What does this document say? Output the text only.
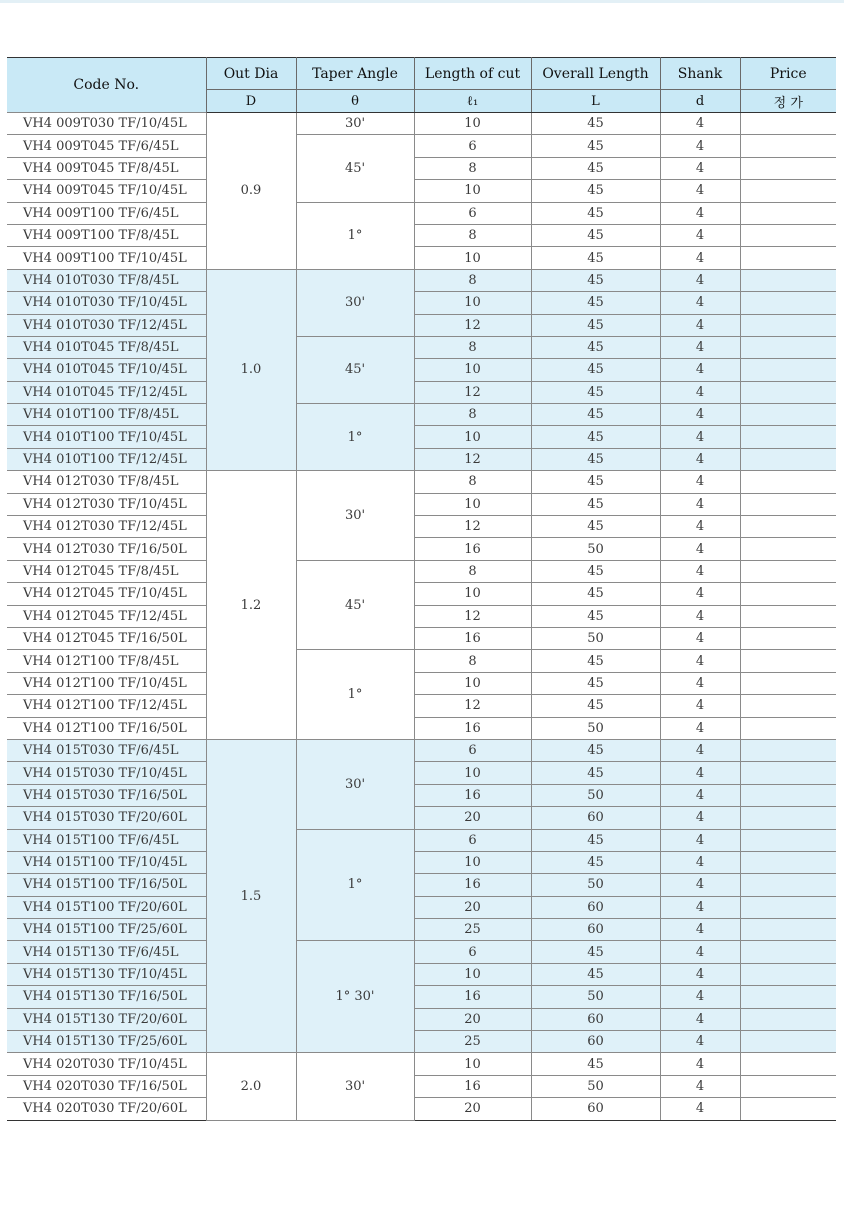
Code No.	Out Dia	Taper Angle	Length of cut	Overall Length	Shank	Price
	D	θ	ℓ₁	L	d	정 가
VH4 009T030 TF/10/45L	0.9	30'	10	45	4	
VH4 009T045 TF/6/45L		45'	6	45	4	
VH4 009T045 TF/8/45L			8	45	4	
VH4 009T045 TF/10/45L			10	45	4	
VH4 009T100 TF/6/45L		1°	6	45	4	
VH4 009T100 TF/8/45L			8	45	4	
VH4 009T100 TF/10/45L			10	45	4	
VH4 010T030 TF/8/45L	1.0	30'	8	45	4	
VH4 010T030 TF/10/45L			10	45	4	
VH4 010T030 TF/12/45L			12	45	4	
VH4 010T045 TF/8/45L		45'	8	45	4	
VH4 010T045 TF/10/45L			10	45	4	
VH4 010T045 TF/12/45L			12	45	4	
VH4 010T100 TF/8/45L		1°	8	45	4	
VH4 010T100 TF/10/45L			10	45	4	
VH4 010T100 TF/12/45L			12	45	4	
VH4 012T030 TF/8/45L	1.2	30'	8	45	4	
VH4 012T030 TF/10/45L			10	45	4	
VH4 012T030 TF/12/45L			12	45	4	
VH4 012T030 TF/16/50L			16	50	4	
VH4 012T045 TF/8/45L		45'	8	45	4	
VH4 012T045 TF/10/45L			10	45	4	
VH4 012T045 TF/12/45L			12	45	4	
VH4 012T045 TF/16/50L			16	50	4	
VH4 012T100 TF/8/45L		1°	8	45	4	
VH4 012T100 TF/10/45L			10	45	4	
VH4 012T100 TF/12/45L			12	45	4	
VH4 012T100 TF/16/50L			16	50	4	
VH4 015T030 TF/6/45L	1.5	30'	6	45	4	
VH4 015T030 TF/10/45L			10	45	4	
VH4 015T030 TF/16/50L			16	50	4	
VH4 015T030 TF/20/60L			20	60	4	
VH4 015T100 TF/6/45L		1°	6	45	4	
VH4 015T100 TF/10/45L			10	45	4	
VH4 015T100 TF/16/50L			16	50	4	
VH4 015T100 TF/20/60L			20	60	4	
VH4 015T100 TF/25/60L			25	60	4	
VH4 015T130 TF/6/45L		1° 30'	6	45	4	
VH4 015T130 TF/10/45L			10	45	4	
VH4 015T130 TF/16/50L			16	50	4	
VH4 015T130 TF/20/60L			20	60	4	
VH4 015T130 TF/25/60L			25	60	4	
VH4 020T030 TF/10/45L	2.0	30'	10	45	4	
VH4 020T030 TF/16/50L			16	50	4	
VH4 020T030 TF/20/60L			20	60	4	
